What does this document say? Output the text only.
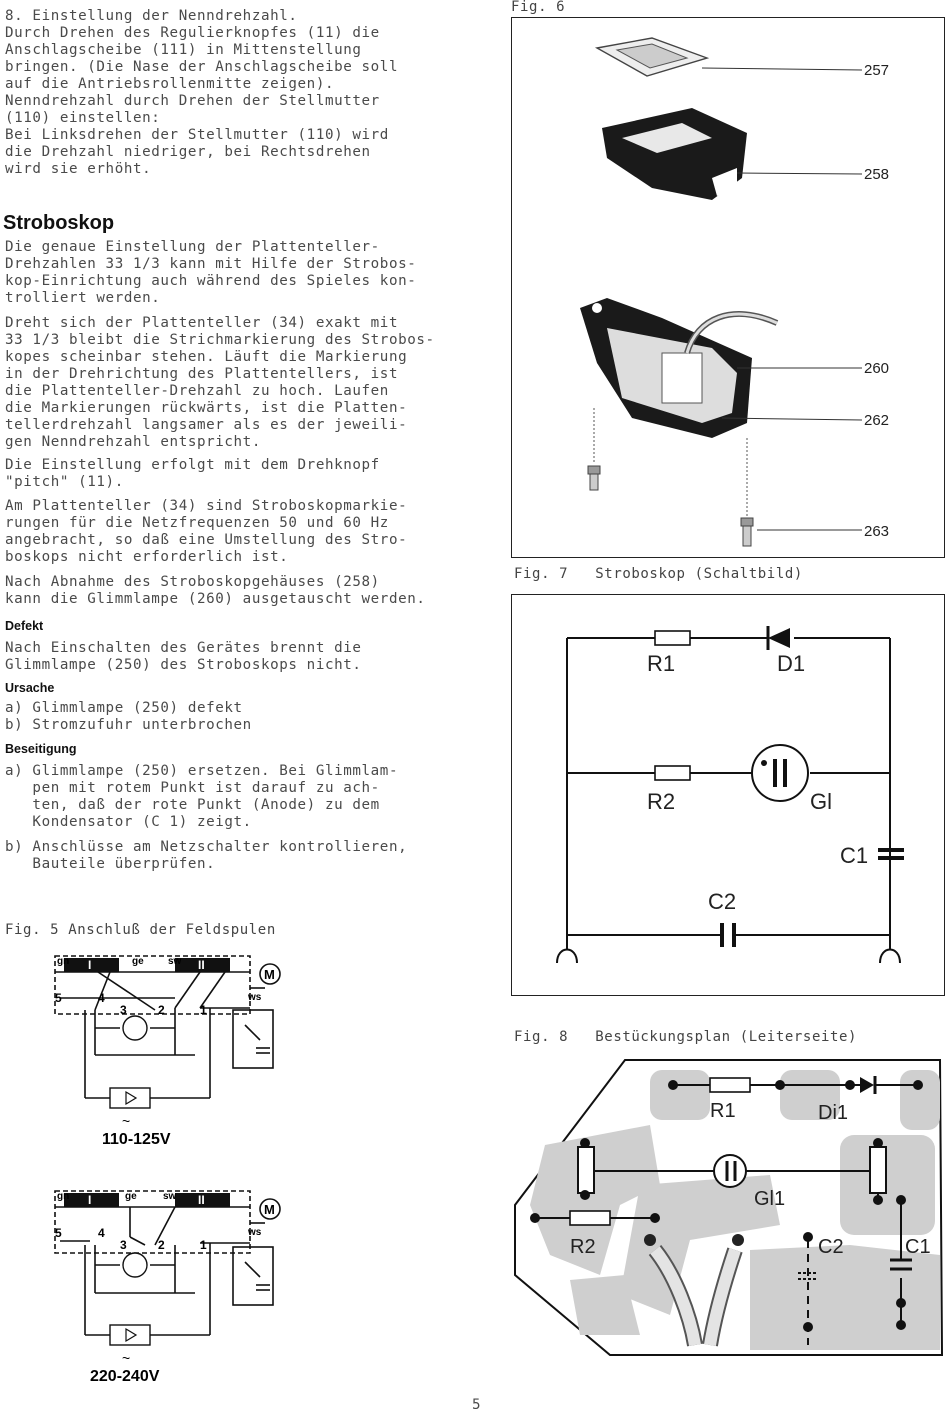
8. Einstellung der Nenndrehzahl.
Durch Drehen des Regulierknopfes (11) die
Anschlagscheibe (111) in Mittenstellung
bringen. (Die Nase der Anschlagscheibe soll
auf die Antriebsrollenmitte zeigen).
Nenndrehzahl durch Drehen der Stellmutter
(110) einstellen:
Bei Linksdrehen der Stellmutter (110) wird
die Drehzahl niedriger, bei Rechtsdrehen
wird sie erhöht.
Stroboskop
Die genaue Einstellung der Plattenteller-
Drehzahlen 33 1/3 kann mit Hilfe der Strobos-
kop-Einrichtung auch während des Spieles kon-
trolliert werden.
Dreht sich der Plattenteller (34) exakt mit
33 1/3 bleibt die Strichmarkierung des Strobos-
kopes scheinbar stehen. Läuft die Markierung
in der Drehrichtung des Plattentellers, ist
die Plattenteller-Drehzahl zu hoch. Laufen
die Markierungen rückwärts, ist die Platten-
tellerdrehzahl langsamer als es der jeweili-
gen Nenndrehzahl entspricht.
Die Einstellung erfolgt mit dem Drehknopf
"pitch" (11).
Am Plattenteller (34) sind Stroboskopmarkie-
rungen für die Netzfrequenzen 50 und 60 Hz
angebracht, so daß eine Umstellung des Stro-
boskops nicht erforderlich ist.
Nach Abnahme des Stroboskopgehäuses (258)
kann die Glimmlampe (260) ausgetauscht werden.
Defekt
Nach Einschalten des Gerätes brennt die
Glimmlampe (250) des Stroboskops nicht.
Ursache
a) Glimmlampe (250) defekt
b) Stromzufuhr unterbrochen
Beseitigung
a) Glimmlampe (250) ersetzen. Bei Glimmlam-
pen mit rotem Punkt ist darauf zu ach-
ten, daß der rote Punkt (Anode) zu dem
Kondensator (C 1) zeigt.
b) Anschlüsse am Netzschalter kontrollieren,
Bauteile überprüfen.
Fig. 5 Anschluß der Feldspulen
I	II
gn	ge sw
ws
M
5	4
3	2	1
~
110-125V
I	II
gn	ge	sw
ws
M
5	4
3	2	1
~
220-240V
Fig. 6
257
258
260
262
263
Fig. 7   Stroboskop (Schaltbild)
R1	D1
R2	Gl
C1
C2
Fig. 8   Bestückungsplan (Leiterseite)
R1	Di1
Gl1
R2	C2	C1
5
